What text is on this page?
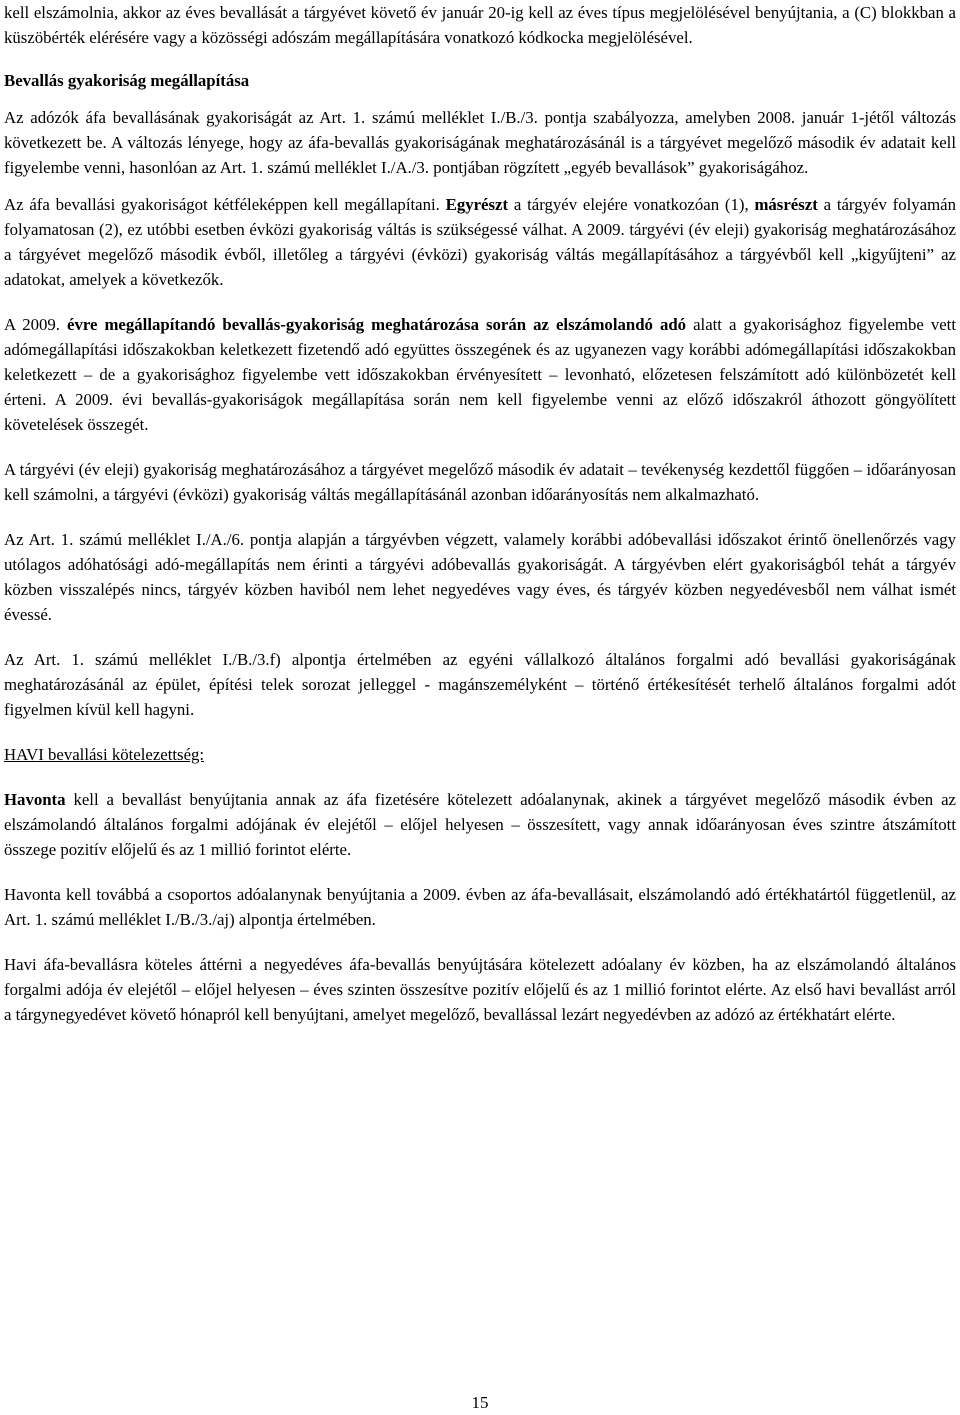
kell elszámolnia, akkor az éves bevallását a tárgyévet követő év január 20-ig kell az éves típus megjelölésével benyújtania, a (C) blokkban a küszöbérték elérésére vagy a közösségi adószám megállapítására vonatkozó kódkocka megjelölésével.

Bevallás gyakoriság megállapítása

Az adózók áfa bevallásának gyakoriságát az Art. 1. számú melléklet I./B./3. pontja szabályozza, amelyben 2008. január 1-jétől változás következett be. A változás lényege, hogy az áfa-bevallás gyakoriságának meghatározásánál is a tárgyévet megelőző második év adatait kell figyelembe venni, hasonlóan az Art. 1. számú melléklet I./A./3. pontjában rögzített „egyéb bevallások” gyakoriságához.

Az áfa bevallási gyakoriságot kétféleképpen kell megállapítani. Egyrészt a tárgyév elejére vonatkozóan (1), másrészt a tárgyév folyamán folyamatosan (2), ez utóbbi esetben évközi gyakoriság váltás is szükségessé válhat. A 2009. tárgyévi (év eleji) gyakoriság meghatározásához a tárgyévet megelőző második évből, illetőleg a tárgyévi (évközi) gyakoriság váltás megállapításához a tárgyévből kell „kigyűjteni” az adatokat, amelyek a következők.

A 2009. évre megállapítandó bevallás-gyakoriság meghatározása során az elszámolandó adó alatt a gyakorisághoz figyelembe vett adómegállapítási időszakokban keletkezett fizetendő adó együttes összegének és az ugyanezen vagy korábbi adómegállapítási időszakokban keletkezett – de a gyakorisághoz figyelembe vett időszakokban érvényesített – levonható, előzetesen felszámított adó különbözetét kell érteni. A 2009. évi bevallás-gyakoriságok megállapítása során nem kell figyelembe venni az előző időszakról áthozott göngyölített követelések összegét.

A tárgyévi (év eleji) gyakoriság meghatározásához a tárgyévet megelőző második év adatait – tevékenység kezdettől függően – időarányosan kell számolni, a tárgyévi (évközi) gyakoriság váltás megállapításánál azonban időarányosítás nem alkalmazható.

Az Art. 1. számú melléklet I./A./6. pontja alapján a tárgyévben végzett, valamely korábbi adóbevallási időszakot érintő önellenőrzés vagy utólagos adóhatósági adó-megállapítás nem érinti a tárgyévi adóbevallás gyakoriságát. A tárgyévben elért gyakoriságból tehát a tárgyév közben visszalépés nincs, tárgyév közben haviból nem lehet negyedéves vagy éves, és tárgyév közben negyedévesből nem válhat ismét évessé.

Az Art. 1. számú melléklet I./B./3.f) alpontja értelmében az egyéni vállalkozó általános forgalmi adó bevallási gyakoriságának meghatározásánál az épület, építési telek sorozat jelleggel - magánszemélyként – történő értékesítését terhelő általános forgalmi adót figyelmen kívül kell hagyni.

HAVI bevallási kötelezettség:

Havonta kell a bevallást benyújtania annak az áfa fizetésére kötelezett adóalanynak, akinek a tárgyévet megelőző második évben az elszámolandó általános forgalmi adójának év elejétől – előjel helyesen – összesített, vagy annak időarányosan éves szintre átszámított összege pozitív előjelű és az 1 millió forintot elérte.

Havonta kell továbbá a csoportos adóalanynak benyújtania a 2009. évben az áfa-bevallásait, elszámolandó adó értékhatártól függetlenül, az Art. 1. számú melléklet I./B./3./aj) alpontja értelmében.

Havi áfa-bevallásra köteles áttérni a negyedéves áfa-bevallás benyújtására kötelezett adóalany év közben, ha az elszámolandó általános forgalmi adója év elejétől – előjel helyesen – éves szinten összesítve pozitív előjelű és az 1 millió forintot elérte. Az első havi bevallást arról a tárgynegyedévet követő hónapról kell benyújtani, amelyet megelőző, bevallással lezárt negyedévben az adózó az értékhatárt elérte.

15
